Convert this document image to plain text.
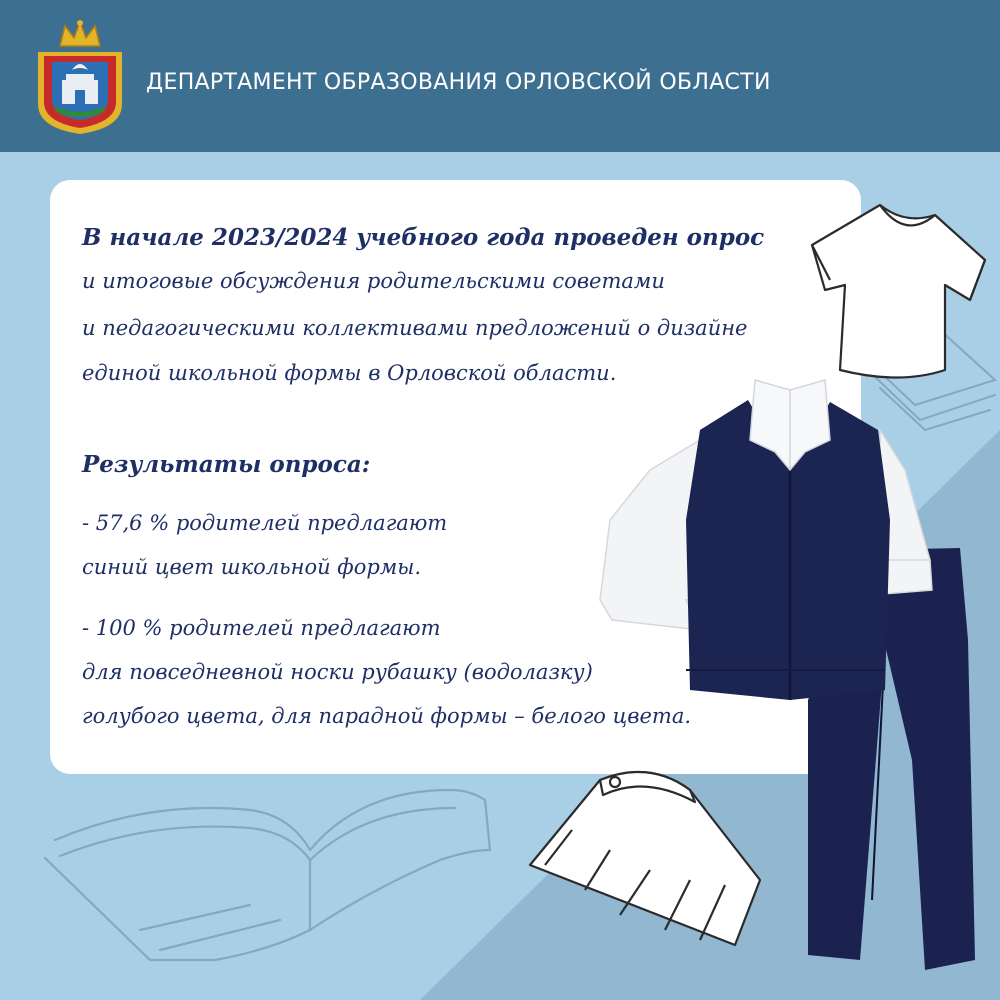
ДЕПАРТАМЕНТ ОБРАЗОВАНИЯ ОРЛОВСКОЙ ОБЛАСТИ
В начале 2023/2024 учебного года проведен опрос
и итоговые обсуждения родительскими советами
и педагогическими коллективами предложений о дизайне
единой школьной формы в Орловской области.
Результаты опроса:
- 57,6 % родителей предлагают
синий цвет школьной формы.
- 100 % родителей предлагают
для повседневной носки рубашку (водолазку)
голубого цвета, для парадной формы – белого цвета.
